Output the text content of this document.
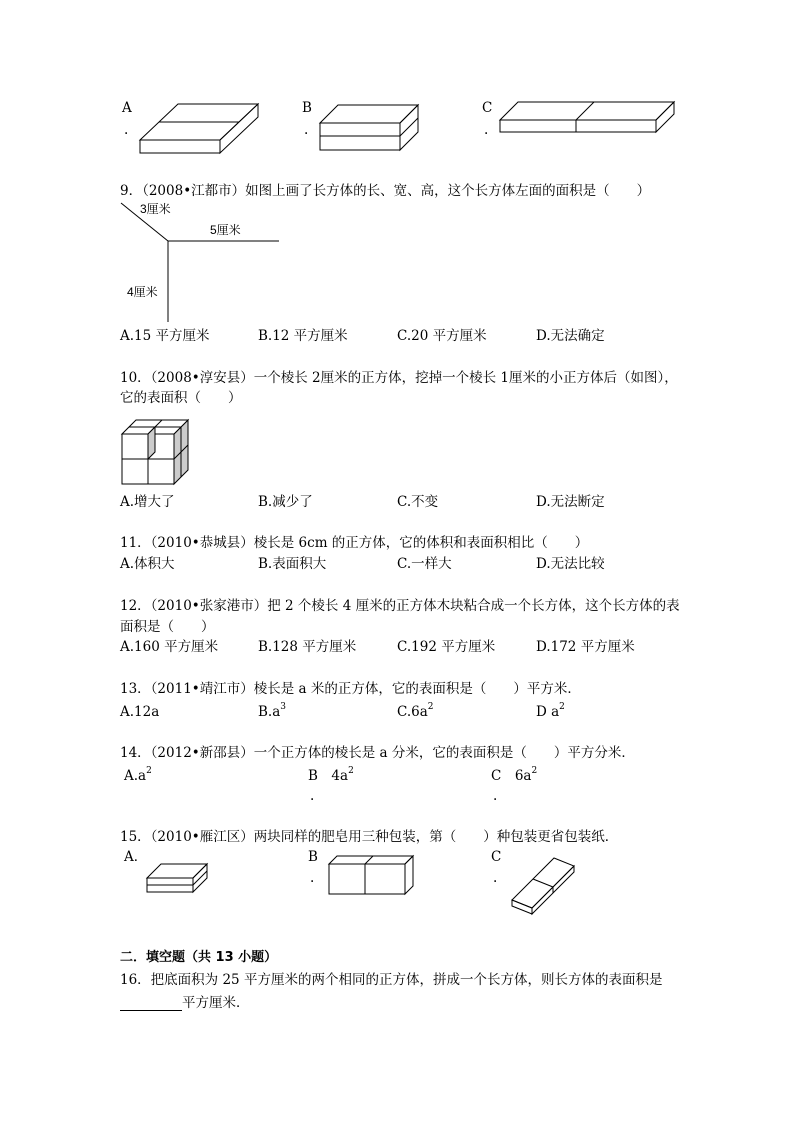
A
.
B
.
C
.
9．（2008•江都市）如图上画了长方体的长、宽、高，这个长方体左面的面积是（　　）
3厘米
5厘米
4厘米
A.15 平方厘米	B.12 平方厘米	C.20 平方厘米	D.无法确定
10．（2008•淳安县）一个棱长 2厘米的正方体，挖掉一个棱长 1厘米的小正方体后（如图），
它的表面积（　　）
A.增大了	B.减少了	C.不变	D.无法断定
11．（2010•恭城县）棱长是 6cm 的正方体，它的体积和表面积相比（　　）
A.体积大	B.表面积大	C.一样大	D.无法比较
12．（2010•张家港市）把 2 个棱长 4 厘米的正方体木块粘合成一个长方体，这个长方体的表
面积是（　　）
A.160 平方厘米	B.128 平方厘米	C.192 平方厘米	D.172 平方厘米
13．（2011•靖江市）棱长是 a 米的正方体，它的表面积是（　　）平方米．
A.12a	$B.a^3$	$C.6a^2$	D $a^2$
14．（2012•新邵县）一个正方体的棱长是 a 分米，它的表面积是（　　）平方分米．
$A.a^2$	B　$4a^2$
.
C　$6a^2$
.
15．（2010•雁江区）两块同样的肥皂用三种包装，第（　　）种包装更省包装纸．
A．	B
.
C
.
二．填空题（共 13 小题）
16．把底面积为 25 平方厘米的两个相同的正方体，拼成一个长方体，则长方体的表面积是
平方厘米．
